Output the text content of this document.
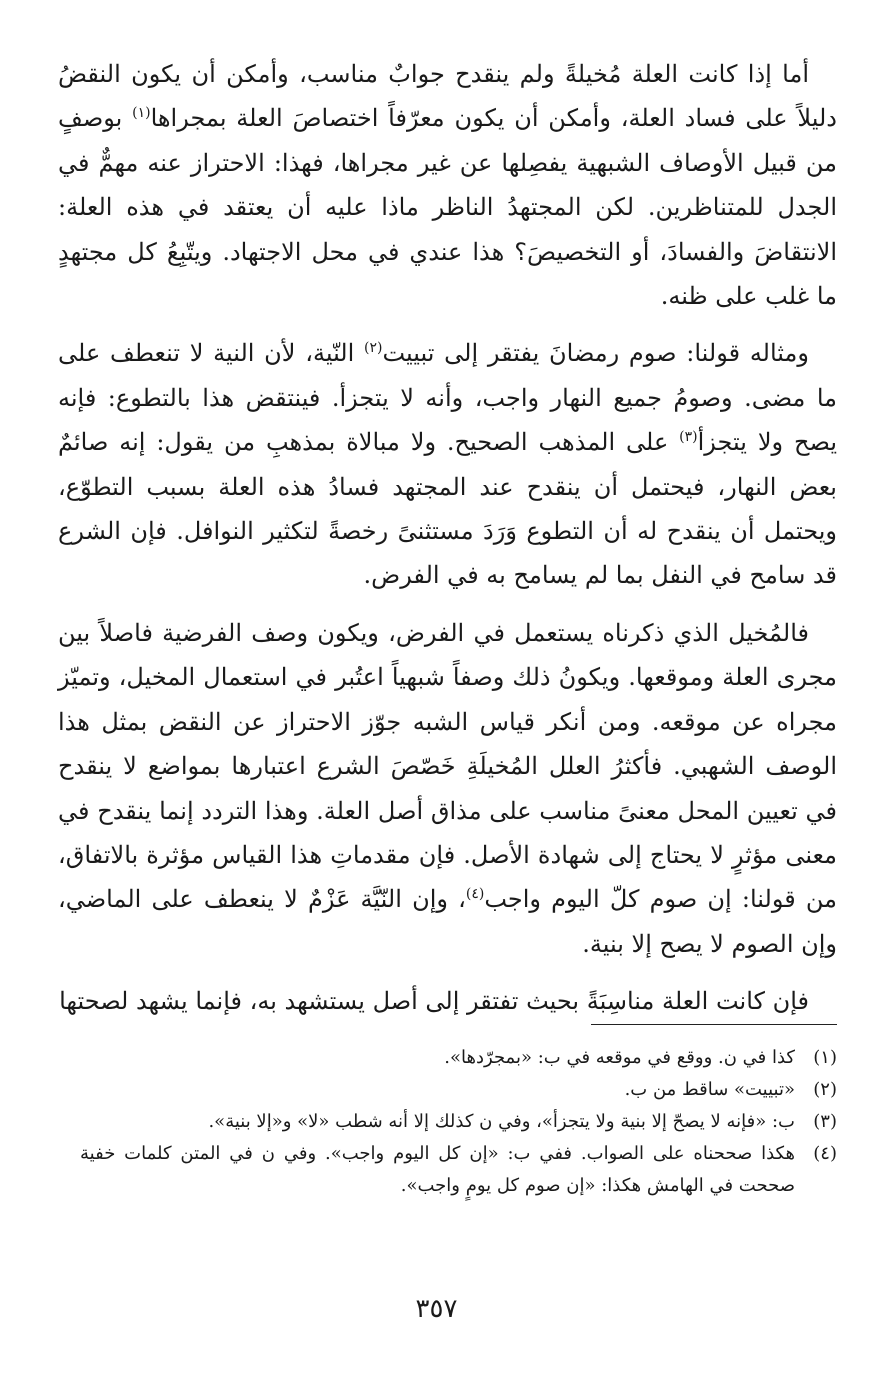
أما إذا كانت العلة مُخيلةً ولم ينقدح جوابٌ مناسب، وأمكن أن يكون النقضُ دليلاً على فساد العلة، وأمكن أن يكون معرّفاً اختصاصَ العلة بمجراها$^{(١)}$ بوصفٍ من قبيل الأوصاف الشبهية يفصِلها عن غير مجراها، فهذا: الاحتراز عنه مهمٌّ في الجدل للمتناظرين. لكن المجتهدُ الناظر ماذا عليه أن يعتقد في هذه العلة: الانتقاضَ والفسادَ، أو التخصيصَ؟ هذا عندي في محل الاجتهاد. ويتّبِعُ كل مجتهدٍ ما غلب على ظنه.

ومثاله قولنا: صوم رمضانَ يفتقر إلى تبييت$^{(٢)}$ النّية، لأن النية لا تنعطف على ما مضى. وصومُ جميع النهار واجب، وأنه لا يتجزأ. فينتقض هذا بالتطوع: فإنه يصح ولا يتجزأ$^{(٣)}$ على المذهب الصحيح. ولا مبالاة بمذهبِ من يقول: إنه صائمٌ بعض النهار، فيحتمل أن ينقدح عند المجتهد فسادُ هذه العلة بسبب التطوّع، ويحتمل أن ينقدح له أن التطوع وَرَدَ مستثنىً رخصةً لتكثير النوافل. فإن الشرع قد سامح في النفل بما لم يسامح به في الفرض.

فالمُخيل الذي ذكرناه يستعمل في الفرض، ويكون وصف الفرضية فاصلاً بين مجرى العلة وموقعها. ويكونُ ذلك وصفاً شبهياً اعتُبر في استعمال المخيل، وتميّز مجراه عن موقعه. ومن أنكر قياس الشبه جوّز الاحتراز عن النقض بمثل هذا الوصف الشهبي. فأكثرُ العلل المُخيلَةِ خَصّصَ الشرع اعتبارها بمواضع لا ينقدح في تعيين المحل معنىً مناسب على مذاق أصل العلة. وهذا التردد إنما ينقدح في معنى مؤثرٍ لا يحتاج إلى شهادة الأصل. فإن مقدماتِ هذا القياس مؤثرة بالاتفاق، من قولنا: إن صوم كلّ اليوم واجب$^{(٤)}$، وإن النّيَّة عَزْمٌ لا ينعطف على الماضي، وإن الصوم لا يصح إلا بنية.

فإن كانت العلة مناسِبَةً بحيث تفتقر إلى أصل يستشهد به، فإنما يشهد لصحتها

(١)
كذا في ن. ووقع في موقعه في ب: «بمجرّدها».
(٢)
«تبييت» ساقط من ب.
(٣)
ب: «فإنه لا يصحّ إلا بنية ولا يتجزأ»، وفي ن كذلك إلا أنه شطب «لا» و«إلا بنية».
(٤)
هكذا صححناه على الصواب. ففي ب: «إن كل اليوم واجب». وفي ن في المتن كلمات خفية صححت في الهامش هكذا: «إن صوم كل يومٍ واجب».
٣٥٧
